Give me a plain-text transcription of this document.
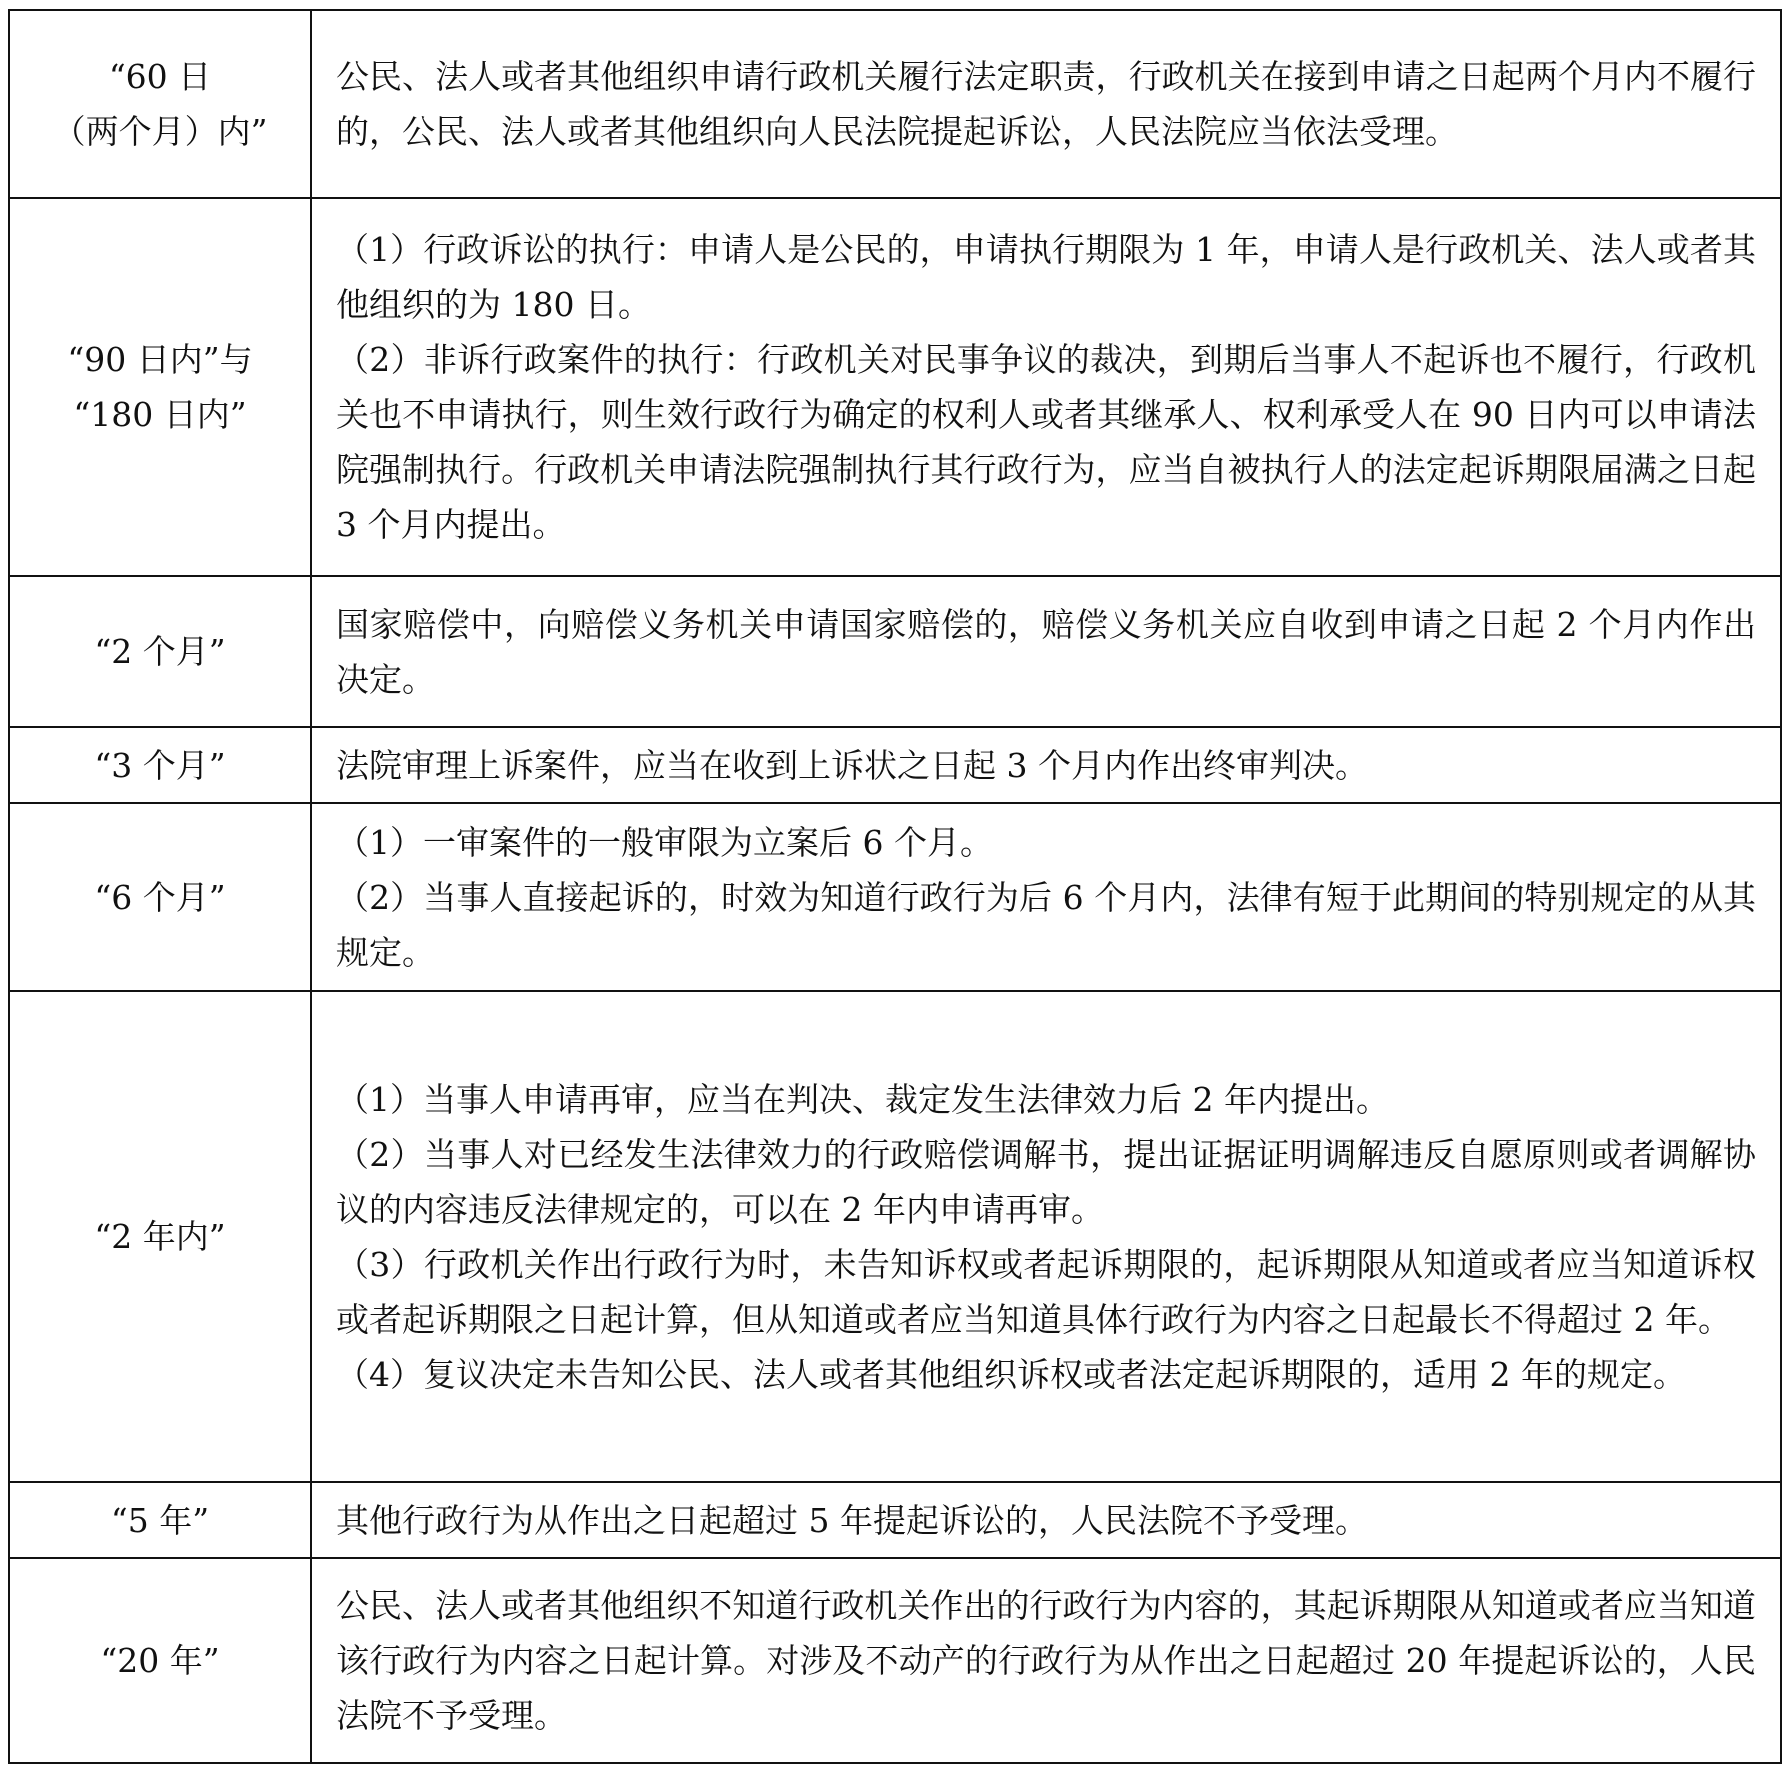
“60 日
（两个月）内”	公民、法人或者其他组织申请行政机关履行法定职责，行政机关在接到申请之日起两个月内不履行的，公民、法人或者其他组织向人民法院提起诉讼，人民法院应当依法受理。

“90 日内”与
“180 日内”	（1）行政诉讼的执行：申请人是公民的，申请执行期限为 1 年，申请人是行政机关、法人或者其他组织的为 180 日。
（2）非诉行政案件的执行：行政机关对民事争议的裁决，到期后当事人不起诉也不履行，行政机关也不申请执行，则生效行政行为确定的权利人或者其继承人、权利承受人在 90 日内可以申请法院强制执行。行政机关申请法院强制执行其行政行为，应当自被执行人的法定起诉期限届满之日起 3 个月内提出。

“2 个月”	国家赔偿中，向赔偿义务机关申请国家赔偿的，赔偿义务机关应自收到申请之日起 2 个月内作出决定。

“3 个月”	法院审理上诉案件，应当在收到上诉状之日起 3 个月内作出终审判决。

“6 个月”	（1）一审案件的一般审限为立案后 6 个月。
（2）当事人直接起诉的，时效为知道行政行为后 6 个月内，法律有短于此期间的特别规定的从其规定。

“2 年内”	（1）当事人申请再审，应当在判决、裁定发生法律效力后 2 年内提出。
（2）当事人对已经发生法律效力的行政赔偿调解书，提出证据证明调解违反自愿原则或者调解协议的内容违反法律规定的，可以在 2 年内申请再审。
（3）行政机关作出行政行为时，未告知诉权或者起诉期限的，起诉期限从知道或者应当知道诉权或者起诉期限之日起计算，但从知道或者应当知道具体行政行为内容之日起最长不得超过 2 年。
（4）复议决定未告知公民、法人或者其他组织诉权或者法定起诉期限的，适用 2 年的规定。

“5 年”	其他行政行为从作出之日起超过 5 年提起诉讼的，人民法院不予受理。

“20 年”	公民、法人或者其他组织不知道行政机关作出的行政行为内容的，其起诉期限从知道或者应当知道该行政行为内容之日起计算。对涉及不动产的行政行为从作出之日起超过 20 年提起诉讼的，人民法院不予受理。
